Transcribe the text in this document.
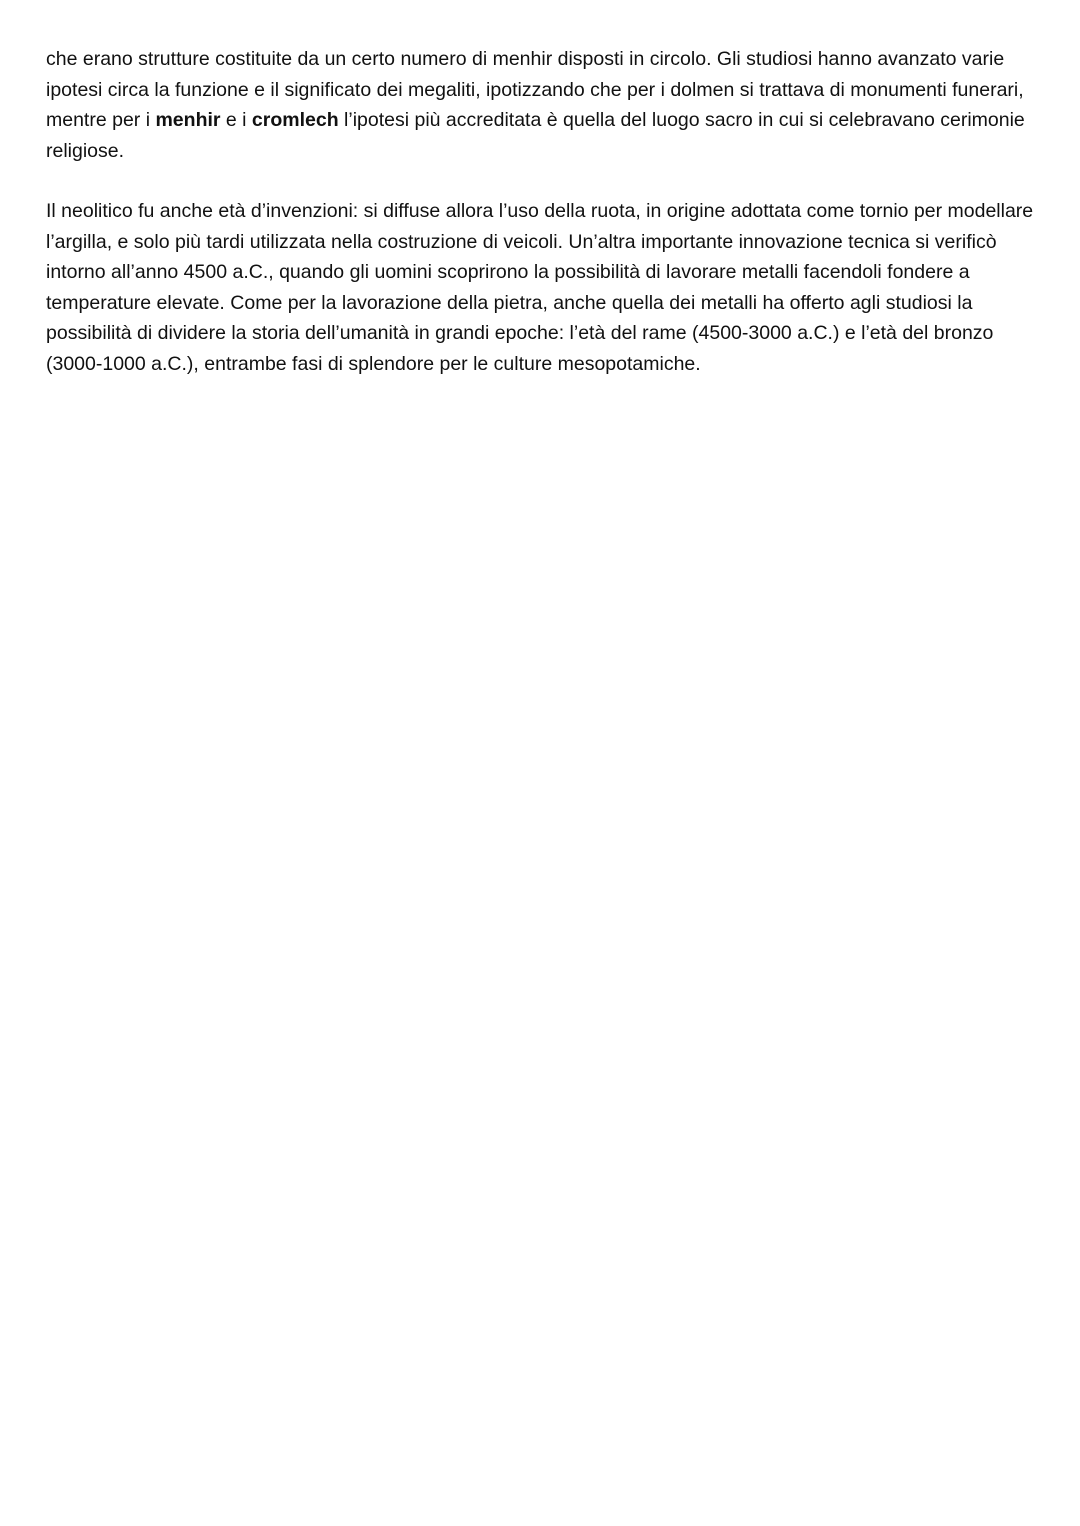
che erano strutture costituite da un certo numero di menhir disposti in circolo. Gli studiosi hanno avanzato varie ipotesi circa la funzione e il significato dei megaliti, ipotizzando che per i dolmen si trattava di monumenti funerari, mentre per i menhir e i cromlech l’ipotesi più accreditata è quella del luogo sacro in cui si celebravano cerimonie religiose.

Il neolitico fu anche età d’invenzioni: si diffuse allora l’uso della ruota, in origine adottata come tornio per modellare l’argilla, e solo più tardi utilizzata nella costruzione di veicoli. Un’altra importante innovazione tecnica si verificò intorno all’anno 4500 a.C., quando gli uomini scoprirono la possibilità di lavorare metalli facendoli fondere a temperature elevate. Come per la lavorazione della pietra, anche quella dei metalli ha offerto agli studiosi la possibilità di dividere la storia dell’umanità in grandi epoche: l’età del rame (4500-3000 a.C.) e l’età del bronzo (3000-1000 a.C.), entrambe fasi di splendore per le culture mesopotamiche.
